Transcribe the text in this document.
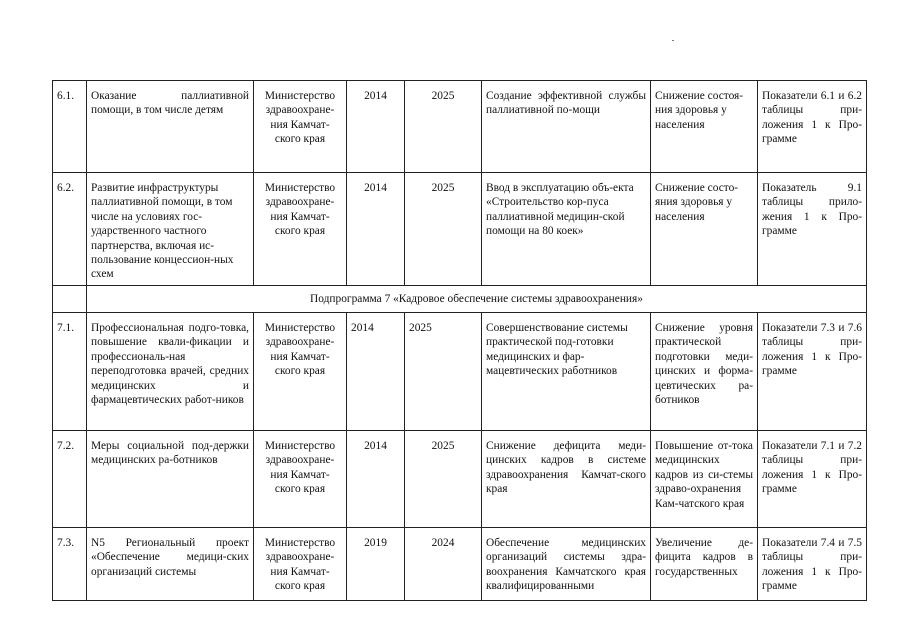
6.1.	Оказание паллиативной помощи, в том числе детям	Министерство здравоохране-ния Камчат-ского края	2014	2025	Создание эффективной службы паллиативной по-мощи	Снижение состоя-ния здоровья у населения	Показатели 6.1 и 6.2 таблицы при-ложения 1 к Про-грамме
6.2.	Развитие инфраструктуры паллиативной помощи, в том числе на условиях гос-ударственного частного партнерства, включая ис-пользование концессион-ных схем	Министерство здравоохране-ния Камчат-ского края	2014	2025	Ввод в эксплуатацию объ-екта «Строительство кор-пуса паллиативной медицин-ской помощи на 80 коек»	Снижение состо-яния здоровья у населения	Показатель 9.1 таблицы прило-жения 1 к Про-грамме
	Подпрограмма 7 «Кадровое обеспечение системы здравоохранения»						
7.1.	Профессиональная подго-товка, повышение квали-фикации и профессиональ-ная переподготовка врачей, средних медицинских и фармацевтических работ-ников	Министерство здравоохране-ния Камчат-ского края	2014	2025	Совершенствование системы практической под-готовки медицинских и фар-мацевтических работников	Снижение уровня практической подготовки меди-цинских и форма-цевтических ра-ботников	Показатели 7.3 и 7.6 таблицы при-ложения 1 к Про-грамме
7.2.	Меры социальной под-держки медицинских ра-ботников	Министерство здравоохране-ния Камчат-ского края	2014	2025	Снижение дефицита меди-цинских кадров в системе здравоохранения Камчат-ского края	Повышение от-тока медицинских кадров из си-стемы здраво-охранения Кам-чатского края	Показатели 7.1 и 7.2 таблицы при-ложения 1 к Про-грамме
7.3.	N5 Региональный проект «Обеспечение медици-ских организаций системы	Министерство здравоохране-ния Камчат-ского края	2019	2024	Обеспечение медицинских организаций системы здра-воохранения Камчатского края квалифицированными	Увеличение де-фицита кадров в государственных	Показатели 7.4 и 7.5 таблицы при-ложения 1 к Про-грамме
